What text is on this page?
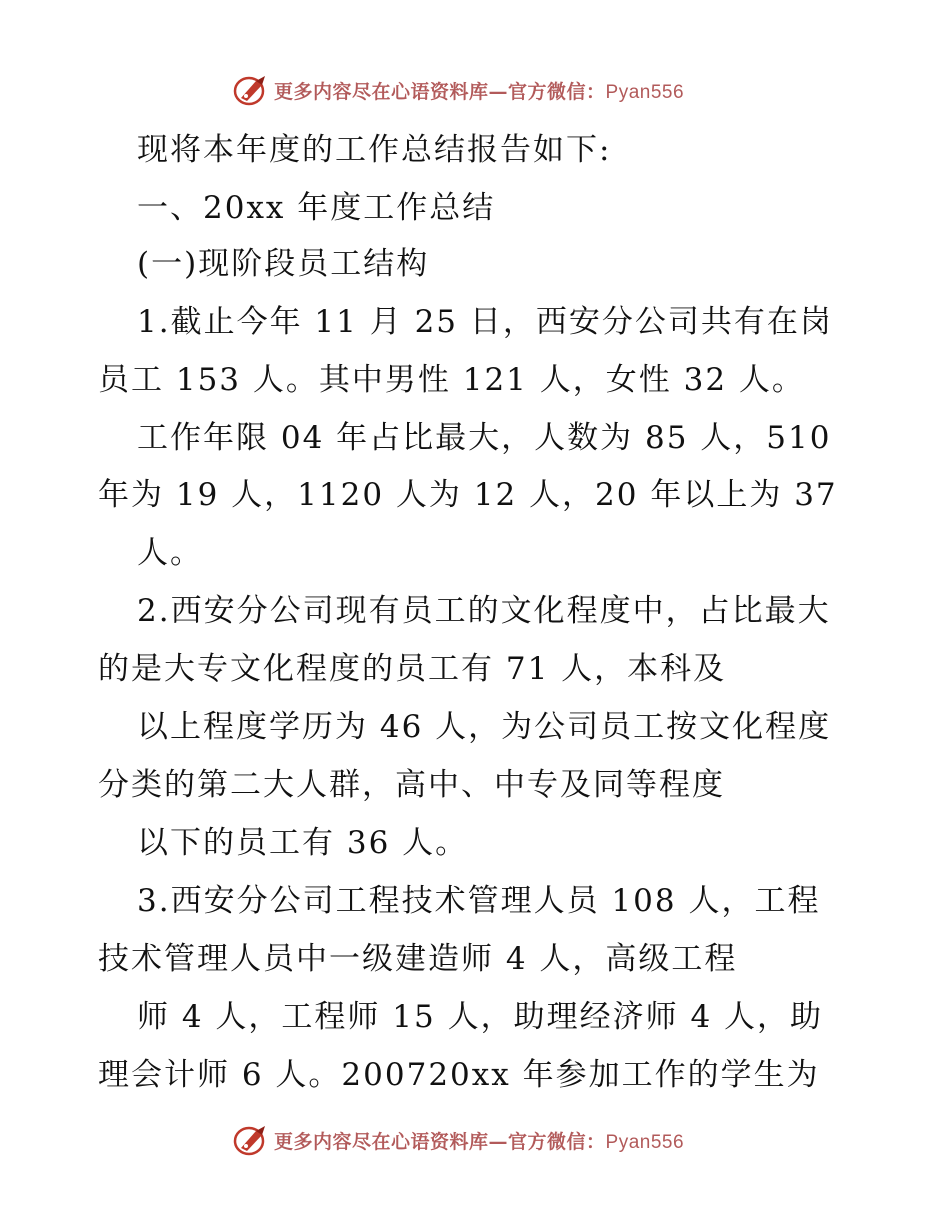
更多内容尽在心语资料库—官方微信：Pyan556
现将本年度的工作总结报告如下:
一、20xx 年度工作总结
(一)现阶段员工结构
1.截止今年 11 月 25 日，西安分公司共有在岗
员工 153 人。其中男性 121 人，女性 32 人。
工作年限 04 年占比最大，人数为 85 人，510
年为 19 人，1120 人为 12 人，20 年以上为 37
人。
2.西安分公司现有员工的文化程度中，占比最大
的是大专文化程度的员工有 71 人，本科及
以上程度学历为 46 人，为公司员工按文化程度
分类的第二大人群，高中、中专及同等程度
以下的员工有 36 人。
3.西安分公司工程技术管理人员 108 人，工程
技术管理人员中一级建造师 4 人，高级工程
师 4 人，工程师 15 人，助理经济师 4 人，助
理会计师 6 人。200720xx 年参加工作的学生为
更多内容尽在心语资料库—官方微信：Pyan556
